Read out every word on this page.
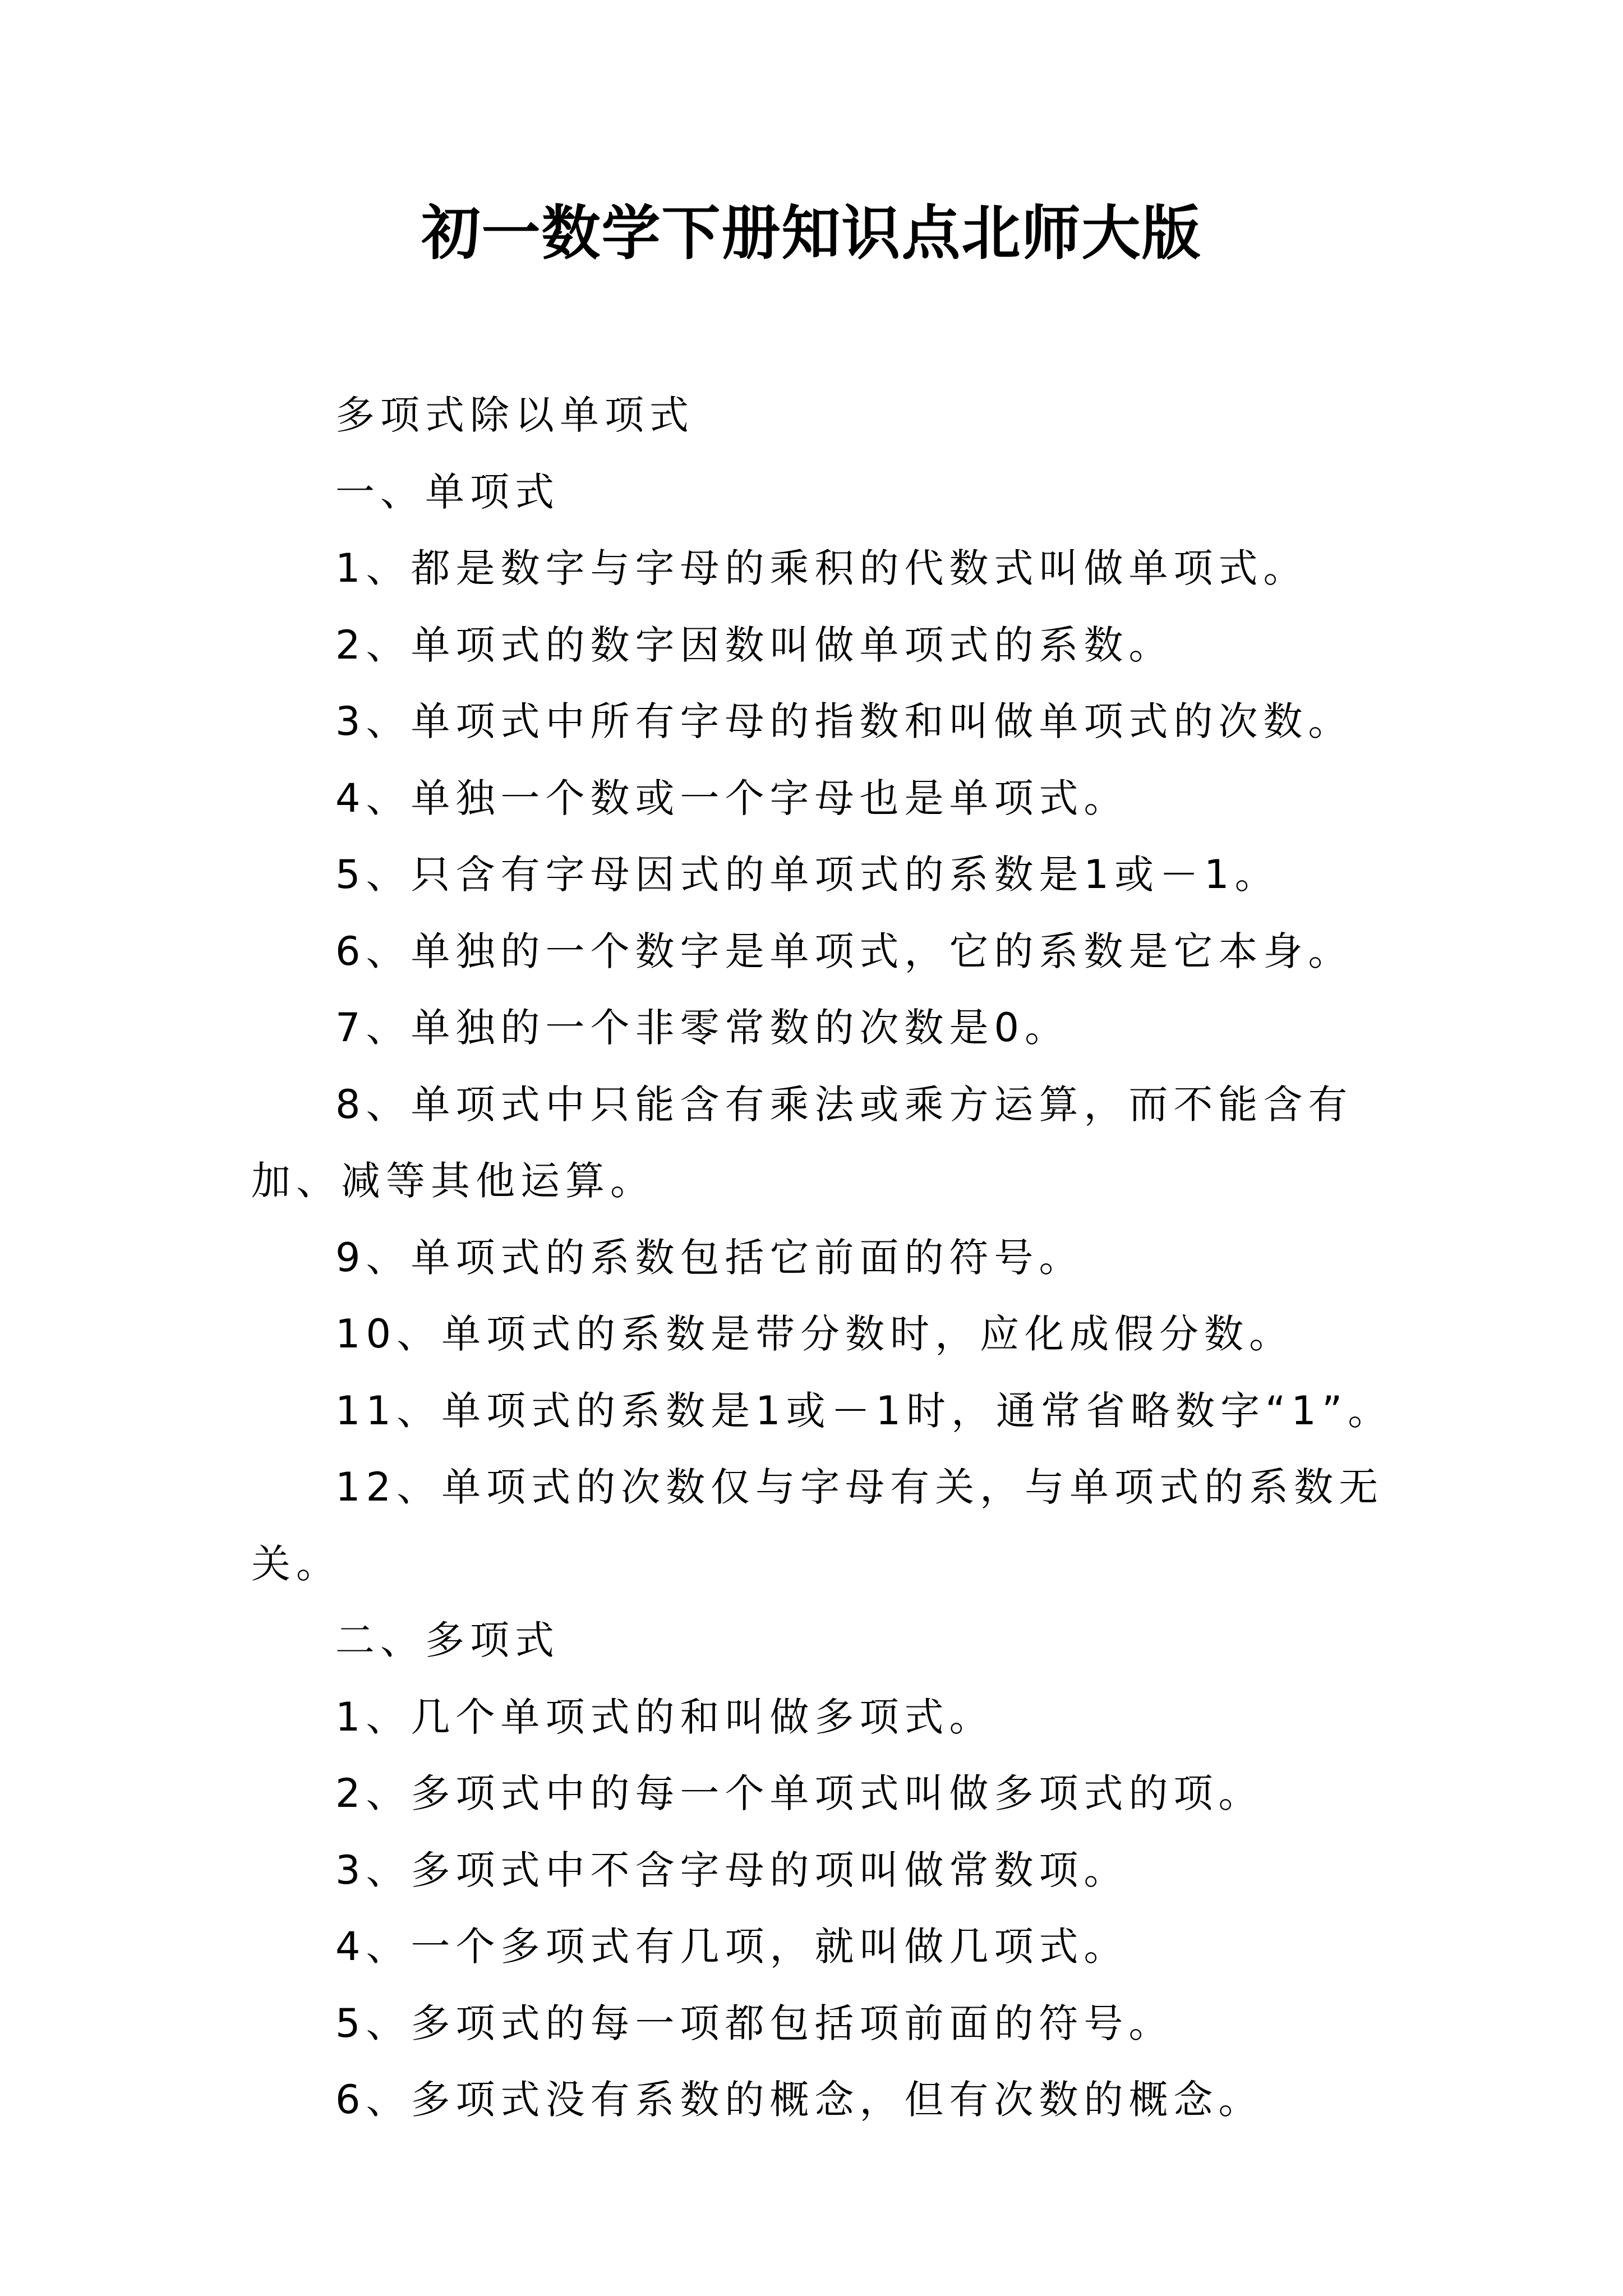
初一数学下册知识点北师大版

多项式除以单项式

一、单项式

1、都是数字与字母的乘积的代数式叫做单项式。

2、单项式的数字因数叫做单项式的系数。

3、单项式中所有字母的指数和叫做单项式的次数。

4、单独一个数或一个字母也是单项式。

5、只含有字母因式的单项式的系数是1或－1。

6、单独的一个数字是单项式，它的系数是它本身。

7、单独的一个非零常数的次数是0。

8、单项式中只能含有乘法或乘方运算，而不能含有加、减等其他运算。

9、单项式的系数包括它前面的符号。

10、单项式的系数是带分数时，应化成假分数。

11、单项式的系数是1或－1时，通常省略数字“1”。

12、单项式的次数仅与字母有关，与单项式的系数无关。

二、多项式

1、几个单项式的和叫做多项式。

2、多项式中的每一个单项式叫做多项式的项。

3、多项式中不含字母的项叫做常数项。

4、一个多项式有几项，就叫做几项式。

5、多项式的每一项都包括项前面的符号。

6、多项式没有系数的概念，但有次数的概念。
